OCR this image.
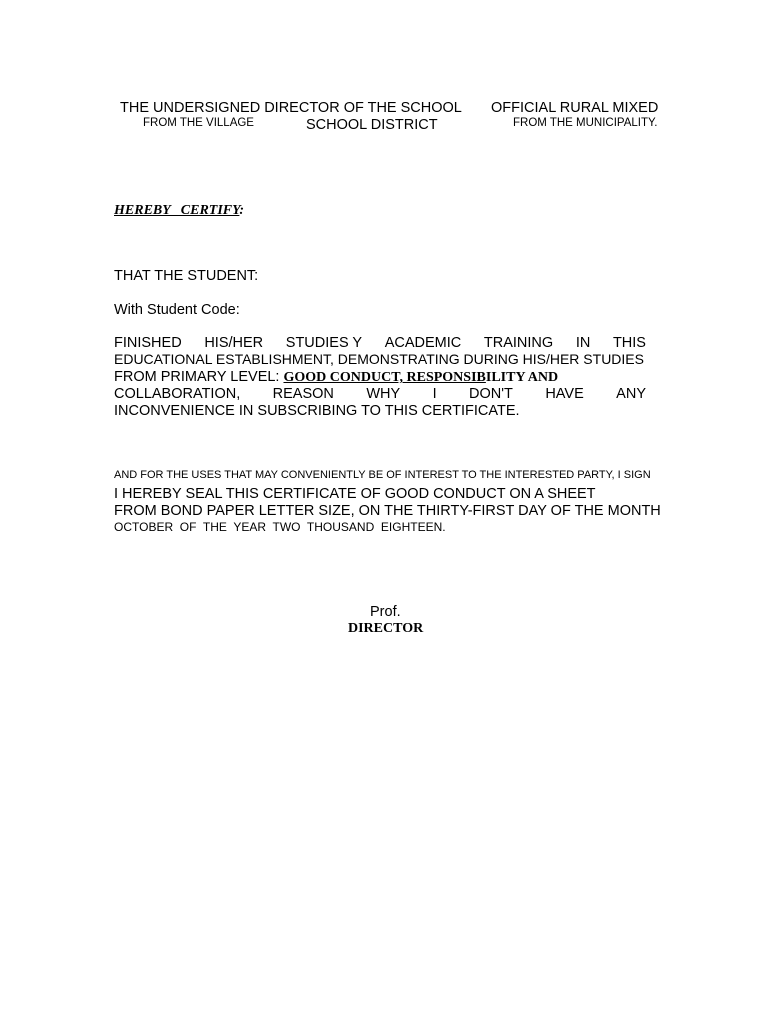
THE UNDERSIGNED DIRECTOR OF THE SCHOOL OFFICIAL RURAL MIXED
FROM THE VILLAGE	SCHOOL DISTRICT	FROM THE MUNICIPALITY.
HEREBY   CERTIFY:
THAT THE STUDENT:
With Student Code:
FINISHED HIS/HER STUDIES Y ACADEMIC TRAINING IN THIS
EDUCATIONAL ESTABLISHMENT, DEMONSTRATING DURING HIS/HER STUDIES
FROM PRIMARY LEVEL: GOOD CONDUCT, RESPONSIBILITY AND
COLLABORATION, REASON WHY I DON'T HAVE ANY
INCONVENIENCE IN SUBSCRIBING TO THIS CERTIFICATE.
AND FOR THE USES THAT MAY CONVENIENTLY BE OF INTEREST TO THE INTERESTED PARTY, I SIGN
I HEREBY SEAL THIS CERTIFICATE OF GOOD CONDUCT ON A SHEET
FROM BOND PAPER LETTER SIZE, ON THE THIRTY-FIRST DAY OF THE MONTH
OCTOBER  OF  THE  YEAR  TWO  THOUSAND  EIGHTEEN.
Prof.
DIRECTOR
